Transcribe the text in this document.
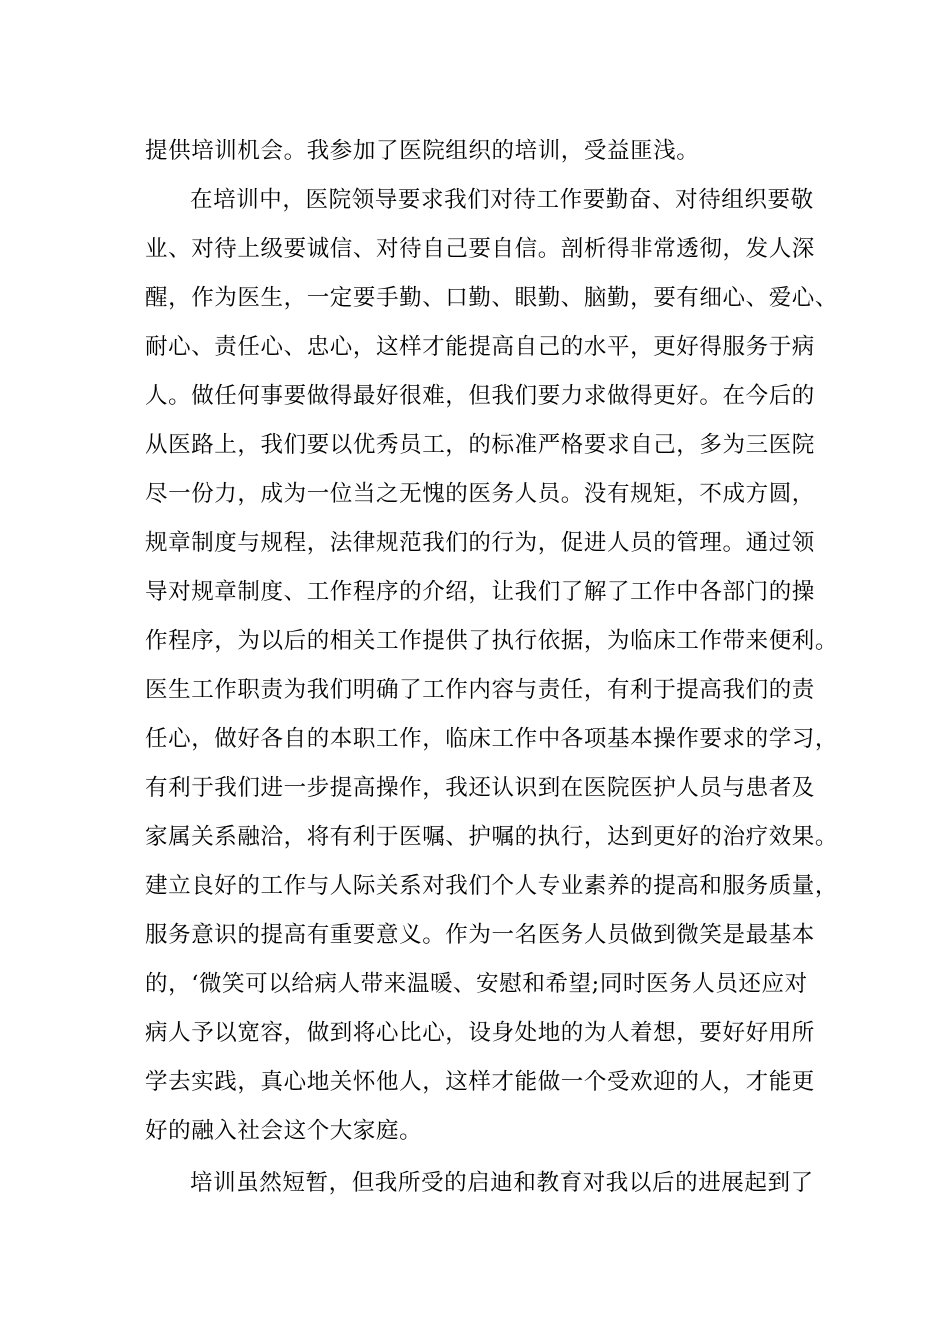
提供培训机会。我参加了医院组织的培训，受益匪浅。
在培训中，医院领导要求我们对待工作要勤奋、对待组织要敬
业、对待上级要诚信、对待自己要自信。剖析得非常透彻，发人深
醒，作为医生，一定要手勤、口勤、眼勤、脑勤，要有细心、爱心、
耐心、责任心、忠心，这样才能提高自己的水平，更好得服务于病
人。做任何事要做得最好很难，但我们要力求做得更好。在今后的
从医路上，我们要以优秀员工，的标准严格要求自己，多为三医院
尽一份力，成为一位当之无愧的医务人员。没有规矩，不成方圆，
规章制度与规程，法律规范我们的行为，促进人员的管理。通过领
导对规章制度、工作程序的介绍，让我们了解了工作中各部门的操
作程序，为以后的相关工作提供了执行依据，为临床工作带来便利。
医生工作职责为我们明确了工作内容与责任，有利于提高我们的责
任心，做好各自的本职工作，临床工作中各项基本操作要求的学习，
有利于我们进一步提高操作，我还认识到在医院医护人员与患者及
家属关系融洽，将有利于医嘱、护嘱的执行，达到更好的治疗效果。
建立良好的工作与人际关系对我们个人专业素养的提高和服务质量，
服务意识的提高有重要意义。作为一名医务人员做到微笑是最基本
的，‘微笑可以给病人带来温暖、安慰和希望;同时医务人员还应对
病人予以宽容，做到将心比心，设身处地的为人着想，要好好用所
学去实践，真心地关怀他人，这样才能做一个受欢迎的人，才能更
好的融入社会这个大家庭。
培训虽然短暂，但我所受的启迪和教育对我以后的进展起到了
